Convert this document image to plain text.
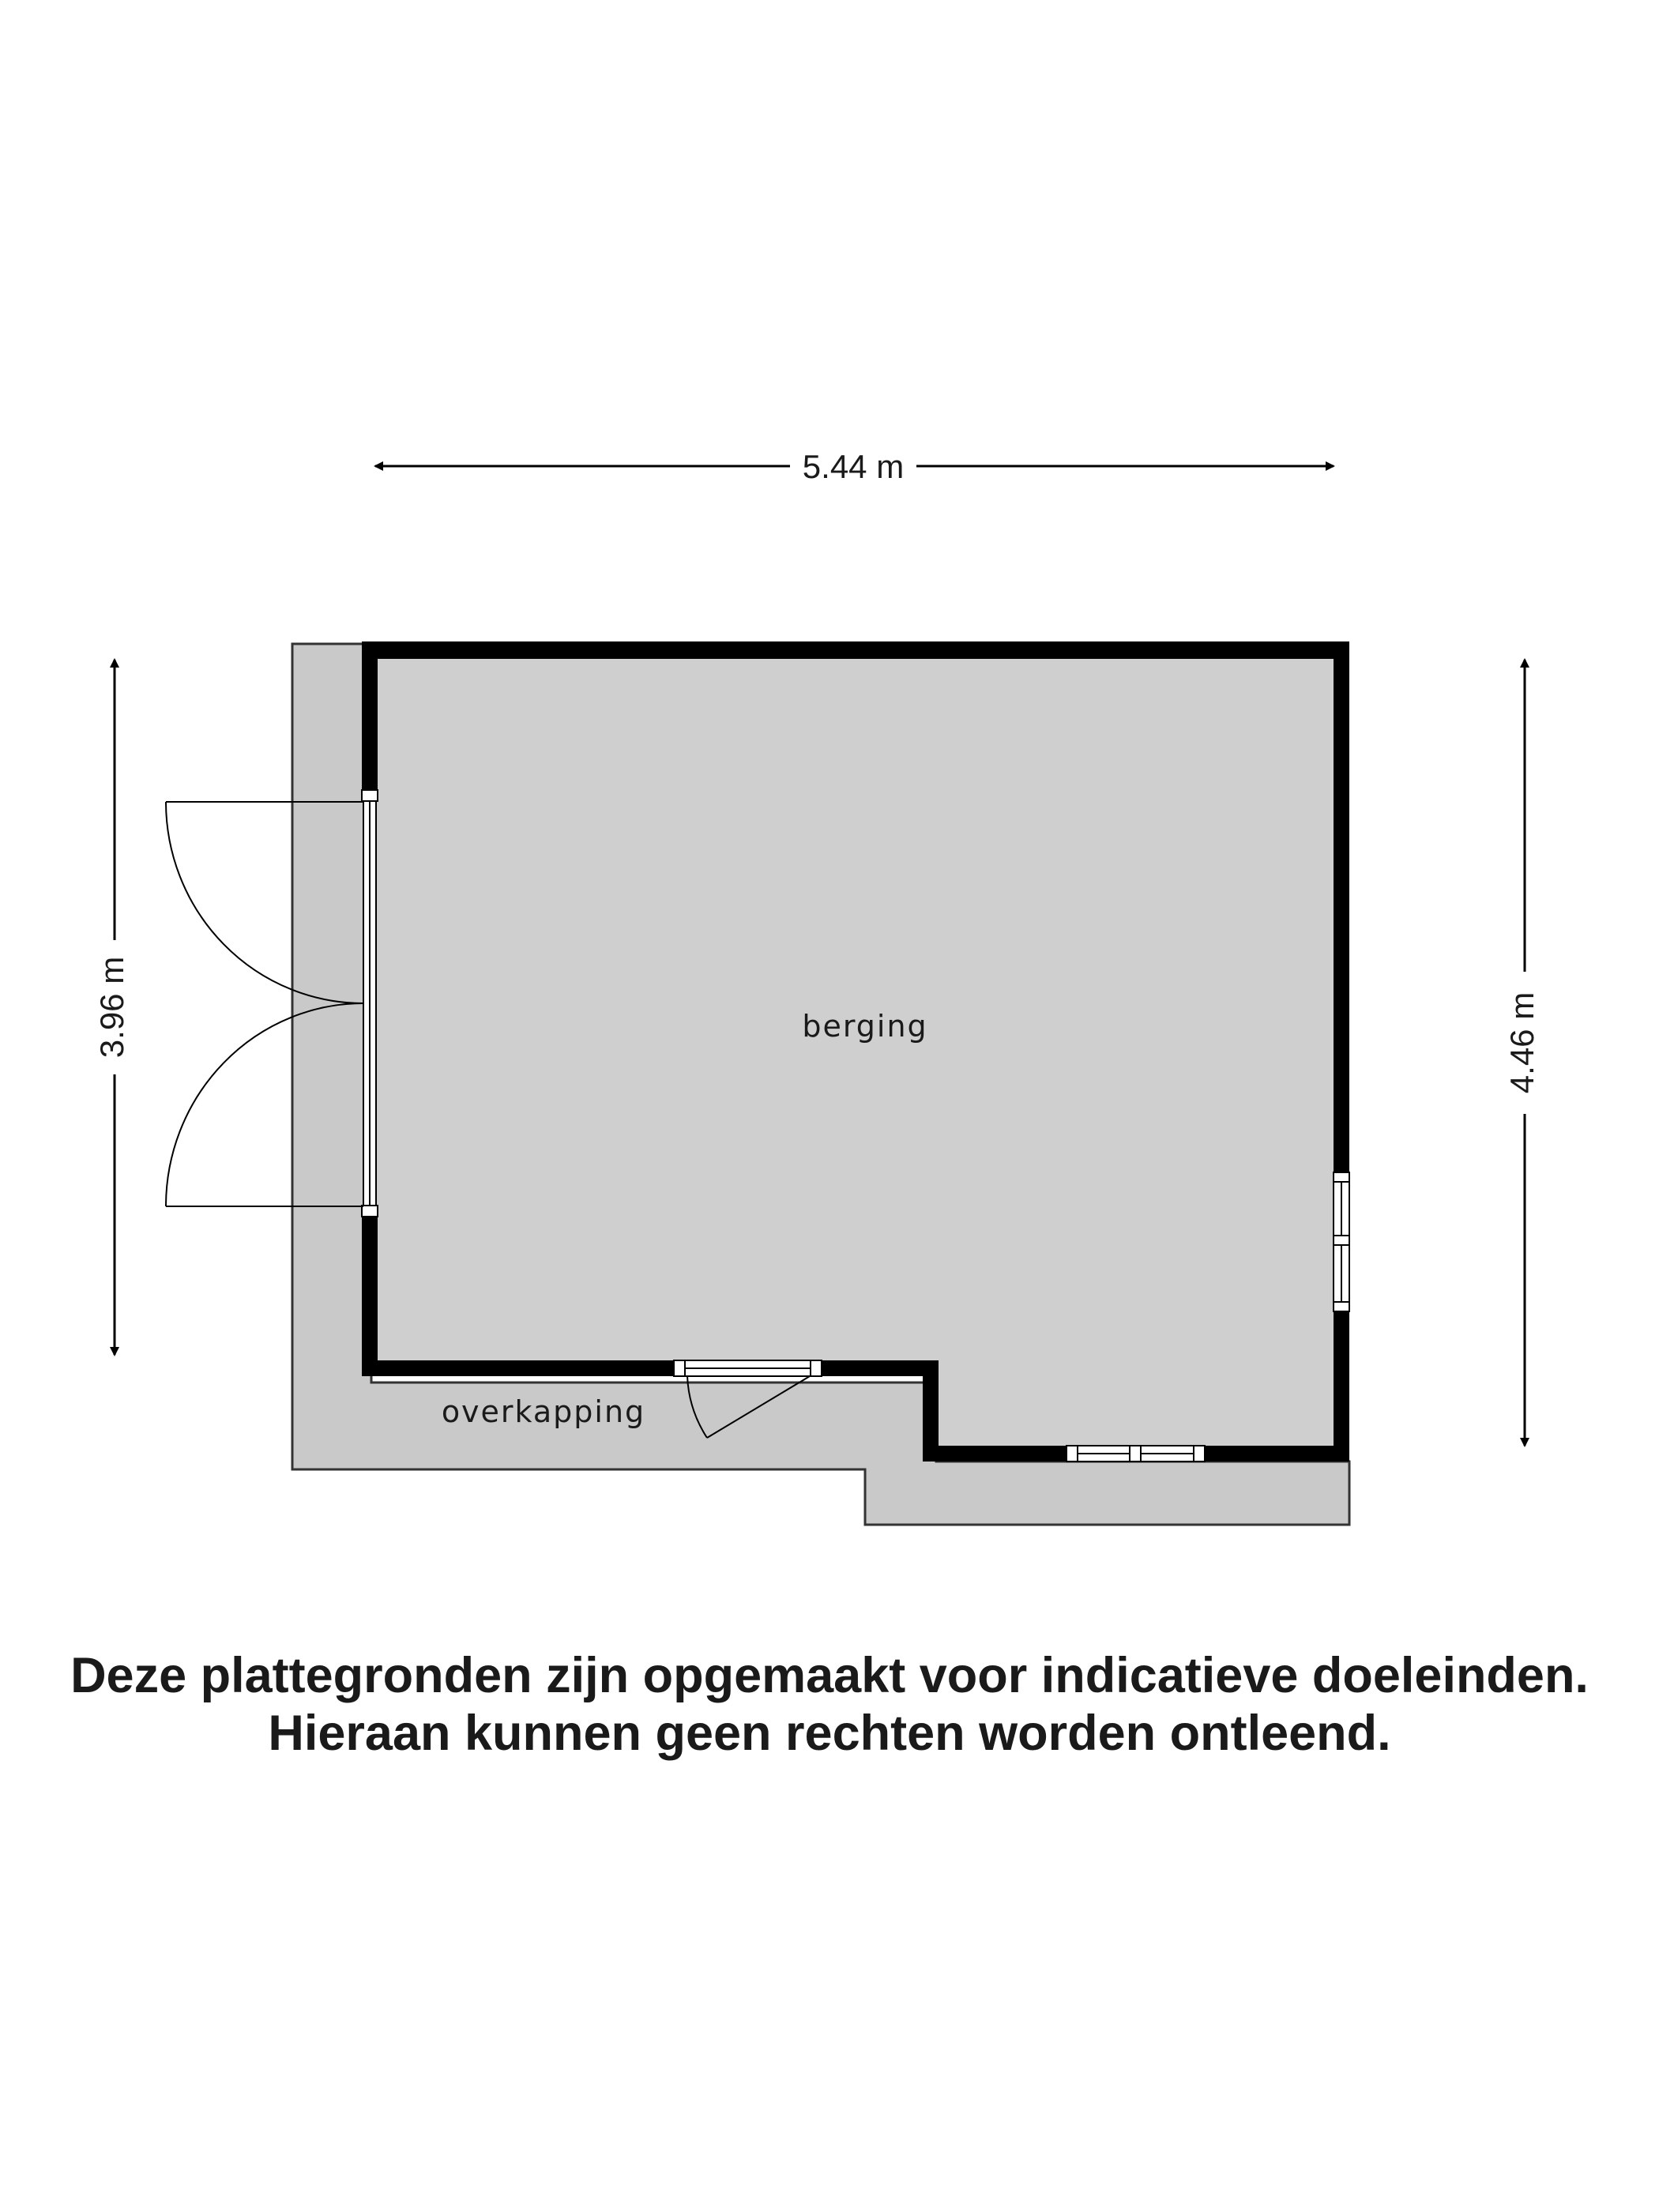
5.44 m
3.96 m	4.46 m
berging
overkapping
Deze plattegronden zijn opgemaakt voor indicatieve doeleinden.
Hieraan kunnen geen rechten worden ontleend.
